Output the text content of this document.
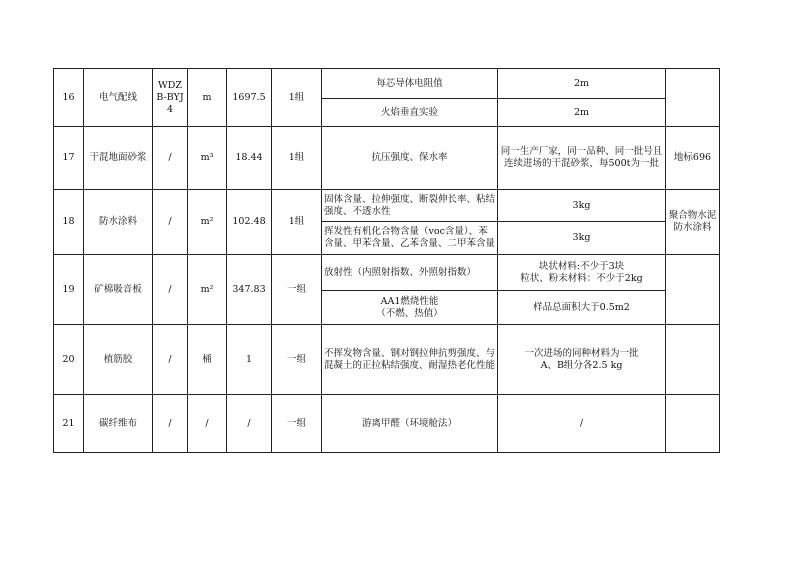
16	电气配线	WDZB-BYJ 4	m	1697.5	1组	每芯导体电阻值	2m	
						火焰垂直实验	2m	
17	干混地面砂浆	/	m³	18.44	1组	抗压强度、保水率	同一生产厂家，同一品种、同一批号且连续进场的干混砂浆，每500t为一批	地标696
18	防水涂料	/	m²	102.48	1组	固体含量、拉伸强度、断裂伸长率、粘结强度、不透水性	3kg	聚合物水泥防水涂料

						挥发性有机化合物含量（voc含量）、苯含量、甲苯含量、乙苯含量、二甲苯含量	3kg	
19	矿棉吸音板	/	m²	347.83	一组	放射性（内照射指数、外照射指数）	块状材料:不少于3块
粒状、粉末材料：不少于2kg	
						AA1燃烧性能
（不燃、热值）	样品总面积大于0.5m2	
20	植筋胶	/	桶	1	一组	不挥发物含量、钢对钢拉伸抗剪强度、与混凝土的正拉粘结强度、耐湿热老化性能	一次进场的同种材料为一批
A、B组分各2.5 kg	
21	碳纤维布	/	/	/	一组	游离甲醛（环境舱法）	/	
